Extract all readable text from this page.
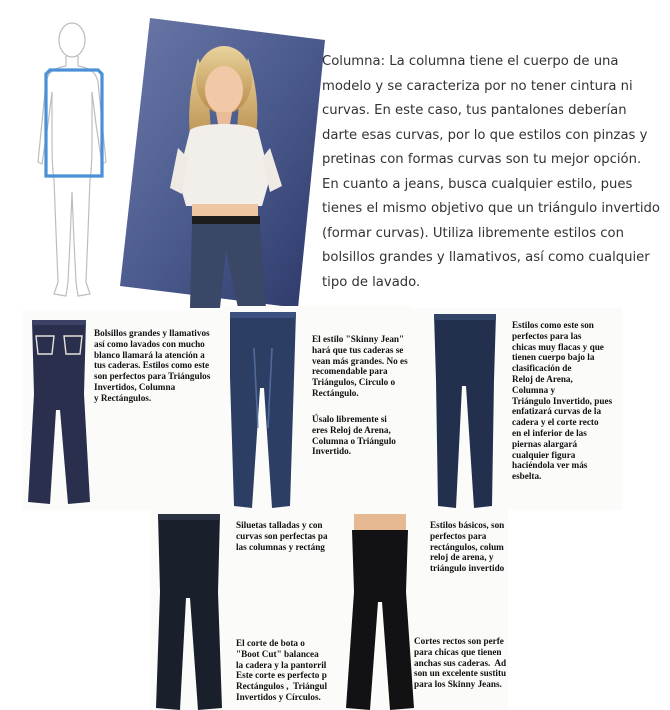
Columna: La columna tiene el cuerpo de una modelo y se caracteriza por no tener cintura ni curvas. En este caso, tus pantalones deberían darte esas curvas, por lo que estilos con pinzas y pretinas con formas curvas son tu mejor opción. En cuanto a jeans, busca cualquier estilo, pues tienes el mismo objetivo que un triángulo invertido (formar curvas). Utiliza libremente estilos con bolsillos grandes y llamativos, así como cualquier tipo de lavado.
Bolsillos grandes y llamativos
así como lavados con mucho
blanco llamará la atención a
tus caderas. Estilos como este
son perfectos para Triángulos
Invertidos, Columna
y Rectángulos.
El estilo "Skinny Jean"
hará que tus caderas se
vean más grandes. No es
recomendable para
Triángulos, Circulo o
Rectángulo.
Úsalo libremente si
eres Reloj de Arena,
Columna o Triángulo
Invertido.
Estilos como este son
perfectos para las
chicas muy flacas y que
tienen cuerpo bajo la
clasificación de
Reloj de Arena,
Columna y
Triángulo Invertido, pues
enfatizará curvas de la
cadera y el corte recto
en el inferior de las
piernas alargará
cualquier figura
haciéndola ver más
esbelta.
Siluetas talladas y con
curvas son perfectas pa
las columnas y rectáng
El corte de bota o
"Boot Cut" balancea
la cadera y la pantorril
Este corte es perfecto p
Rectángulos ,  Triángul
Invertidos y Círculos.
Estilos básicos, son
perfectos para
rectángulos, colum
reloj de arena, y
triángulo invertido
Cortes rectos son perfe
para chicas que tienen
anchas sus caderas.  Ad
son un excelente sustitu
para los Skinny Jeans.
